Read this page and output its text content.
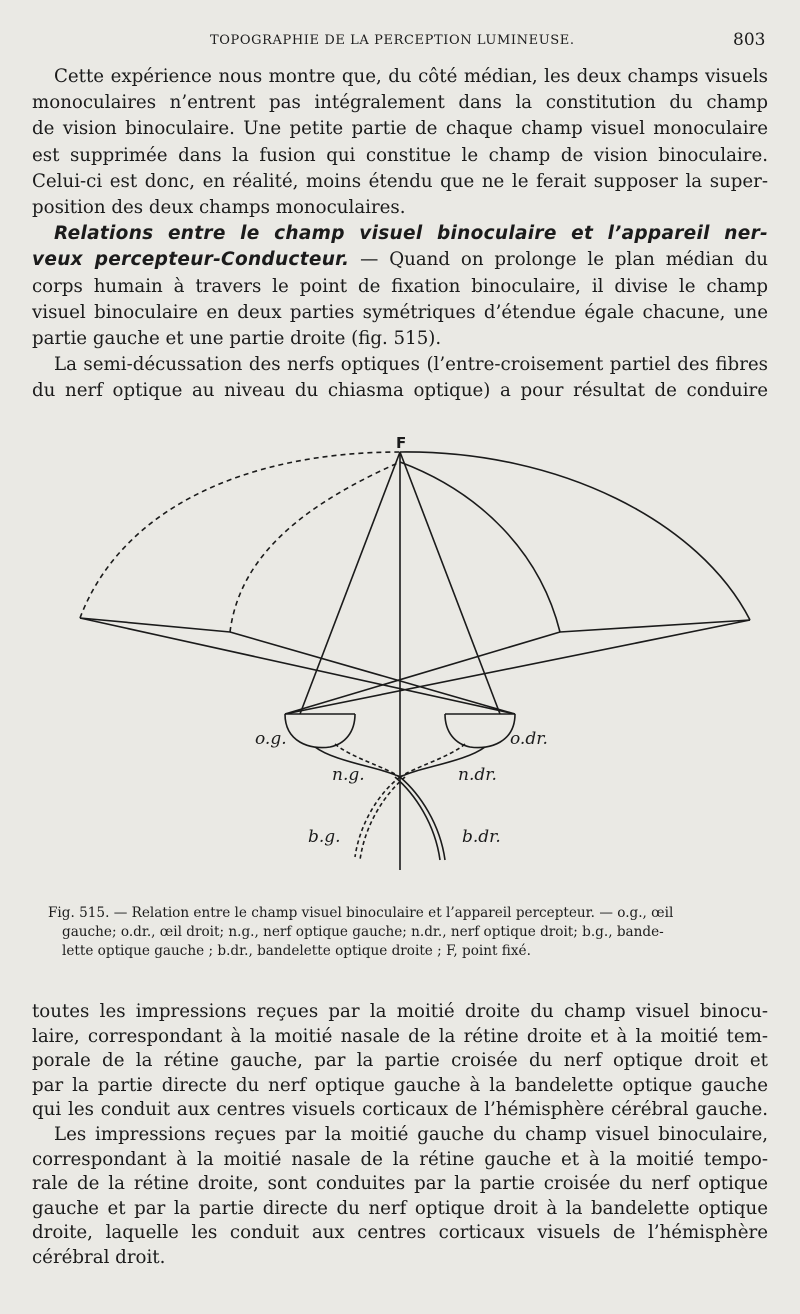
TOPOGRAPHIE DE LA PERCEPTION LUMINEUSE.	803
Cette expérience nous montre que, du côté médian, les deux champs visuels
monoculaires n’entrent pas intégralement dans la constitution du champ
de vision binoculaire. Une petite partie de chaque champ visuel monoculaire
est supprimée dans la fusion qui constitue le champ de vision binoculaire.
Celui-ci est donc, en réalité, moins étendu que ne le ferait supposer la super-
position des deux champs monoculaires.
Relations entre le champ visuel binoculaire et l’appareil ner-
veux percepteur-Conducteur. — Quand on prolonge le plan médian du
corps humain à travers le point de fixation binoculaire, il divise le champ
visuel binoculaire en deux parties symétriques d’étendue égale chacune, une
partie gauche et une partie droite (fig. 515).
La semi-décussation des nerfs optiques (l’entre-croisement partiel des fibres
du nerf optique au niveau du chiasma optique) a pour résultat de conduire
F
o.g.	o.dr.
n.g.	n.dr.
b.g.	b.dr.
Fig. 515. — Relation entre le champ visuel binoculaire et l’appareil percepteur. — o.g., œil
gauche; o.dr., œil droit; n.g., nerf optique gauche; n.dr., nerf optique droit; b.g., bande-
lette optique gauche ; b.dr., bandelette optique droite ; F, point fixé.
toutes les impressions reçues par la moitié droite du champ visuel binocu-
laire, correspondant à la moitié nasale de la rétine droite et à la moitié tem-
porale de la rétine gauche, par la partie croisée du nerf optique droit et
par la partie directe du nerf optique gauche à la bandelette optique gauche
qui les conduit aux centres visuels corticaux de l’hémisphère cérébral gauche.
Les impressions reçues par la moitié gauche du champ visuel binoculaire,
correspondant à la moitié nasale de la rétine gauche et à la moitié tempo-
rale de la rétine droite, sont conduites par la partie croisée du nerf optique
gauche et par la partie directe du nerf optique droit à la bandelette optique
droite, laquelle les conduit aux centres corticaux visuels de l’hémisphère
cérébral droit.
